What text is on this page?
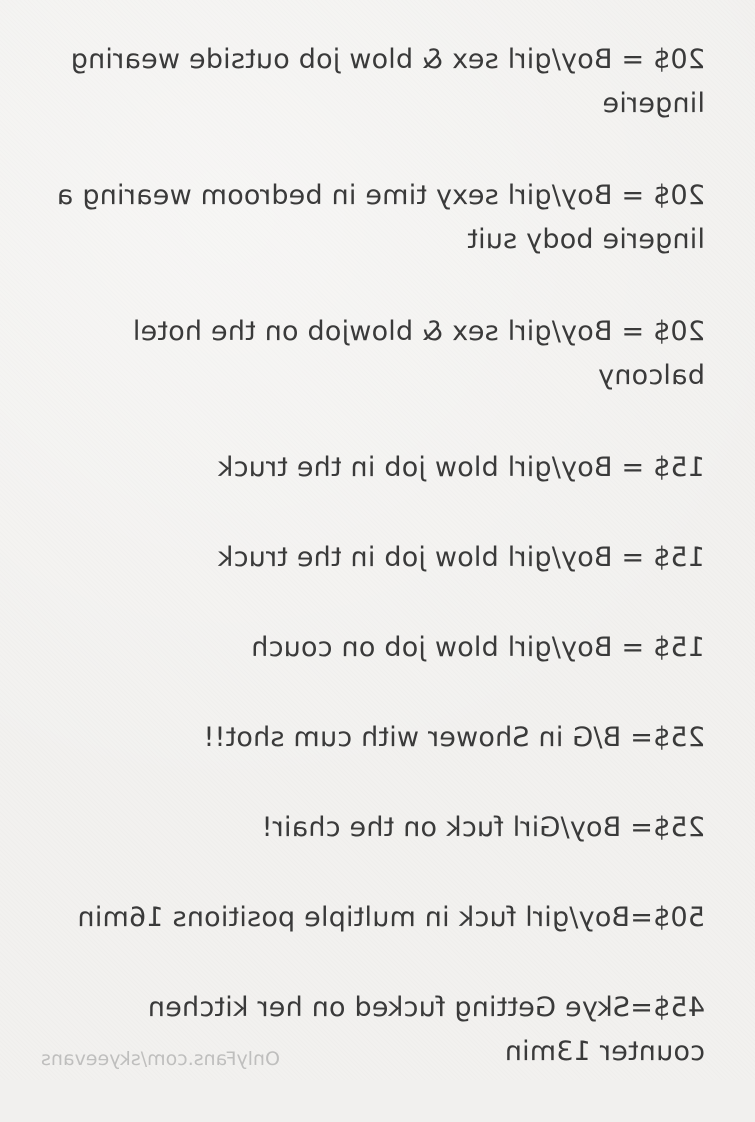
20$ = Boy/girl sex & blow job outside wearing lingerie

20$ = Boy/girl sexy time in bedroom wearing a lingerie body suit

20$ = Boy/girl sex & blowjob on the hotel balcony

15$ = Boy/girl blow job in the truck

15$ = Boy/girl blow job in the truck

15$ = Boy/girl blow job on couch

25$= B/G in Shower with cum shot!!

25$= Boy/Girl fuck on the chair!

50$=Boy/girl fuck in multiple positions 16min

45$=Skye Getting fucked on her kitchen counter 13min

OnlyFans.com/skyeevans
